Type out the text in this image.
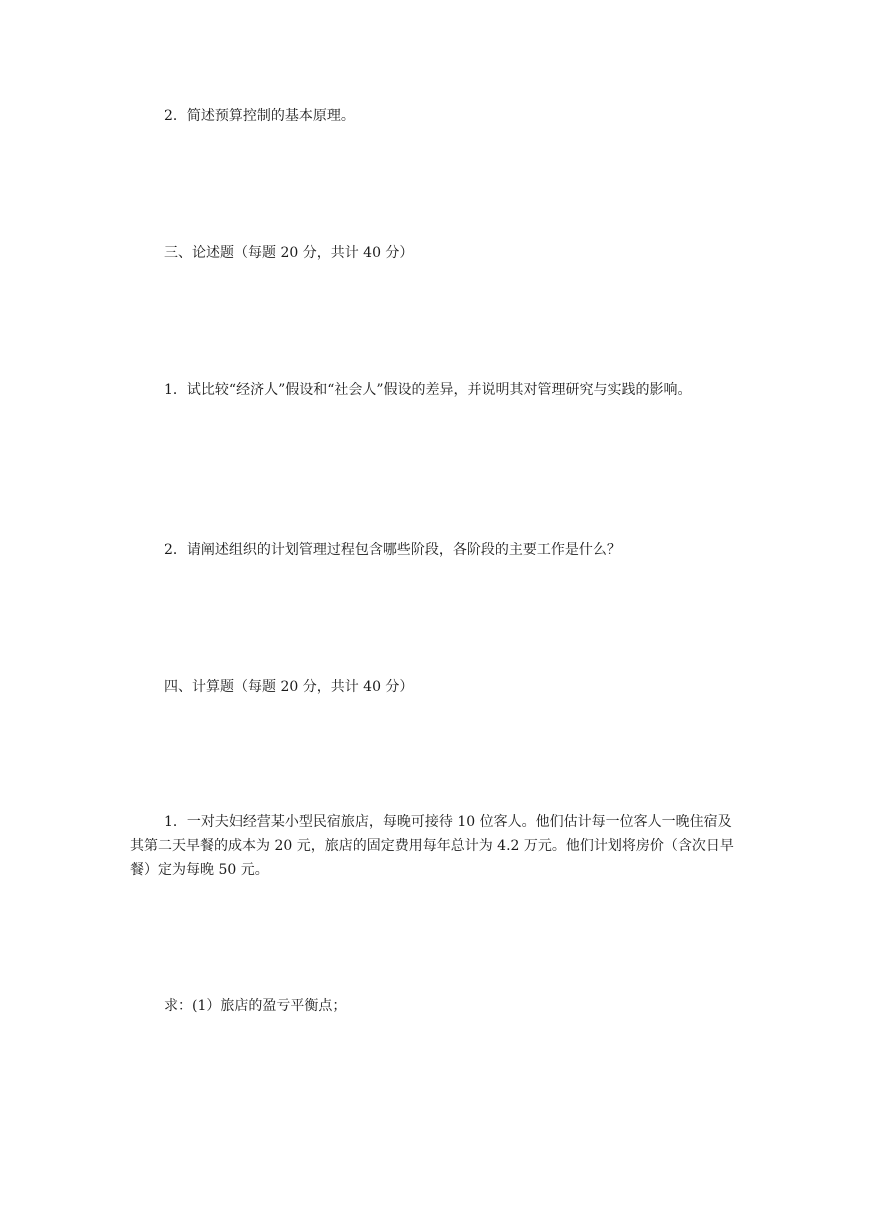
2．简述预算控制的基本原理。

三、论述题（每题 20 分，共计 40 分）

1．试比较“经济人”假设和“社会人”假设的差异，并说明其对管理研究与实践的影响。

2．请阐述组织的计划管理过程包含哪些阶段，各阶段的主要工作是什么？

四、计算题（每题 20 分，共计 40 分）

1．一对夫妇经营某小型民宿旅店，每晚可接待 10 位客人。他们估计每一位客人一晚住宿及其第二天早餐的成本为 20 元，旅店的固定费用每年总计为 4.2 万元。他们计划将房价（含次日早餐）定为每晚 50 元。

求：(1）旅店的盈亏平衡点；
